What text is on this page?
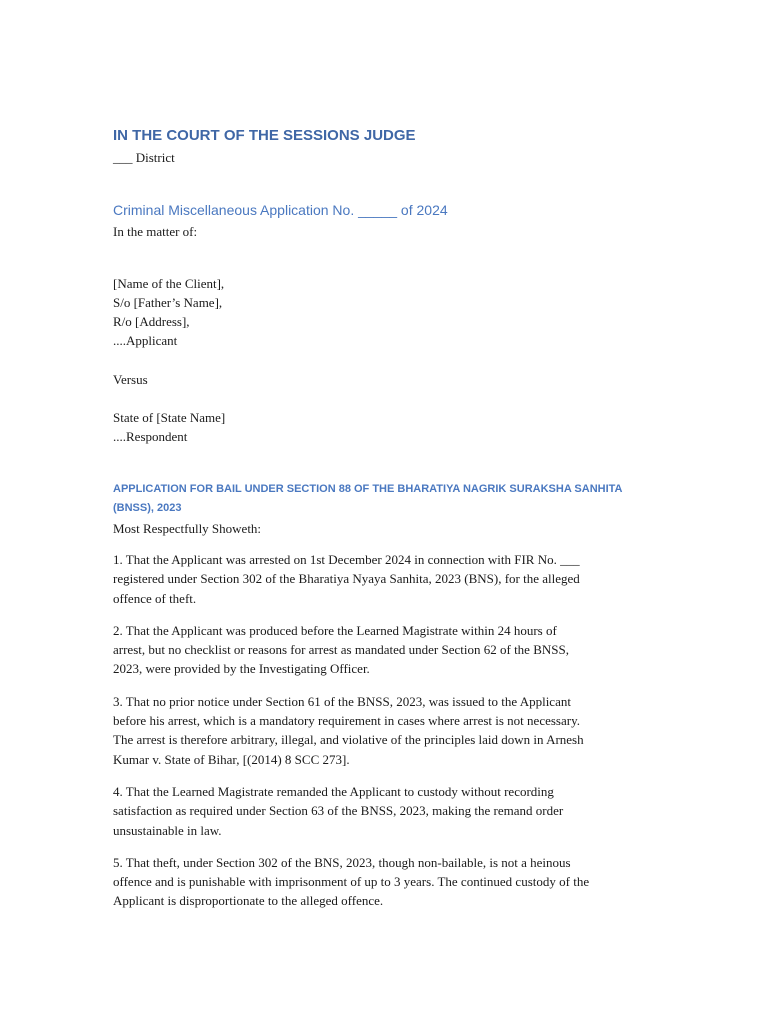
IN THE COURT OF THE SESSIONS JUDGE
___ District
Criminal Miscellaneous Application No. _____ of 2024
In the matter of:
[Name of the Client],
S/o [Father’s Name],
R/o [Address],
....Applicant
Versus
State of [State Name]
....Respondent
APPLICATION FOR BAIL UNDER SECTION 88 OF THE BHARATIYA NAGRIK SURAKSHA SANHITA
(BNSS), 2023
Most Respectfully Showeth:
1. That the Applicant was arrested on 1st December 2024 in connection with FIR No. ___
registered under Section 302 of the Bharatiya Nyaya Sanhita, 2023 (BNS), for the alleged
offence of theft.
2. That the Applicant was produced before the Learned Magistrate within 24 hours of
arrest, but no checklist or reasons for arrest as mandated under Section 62 of the BNSS,
2023, were provided by the Investigating Officer.
3. That no prior notice under Section 61 of the BNSS, 2023, was issued to the Applicant
before his arrest, which is a mandatory requirement in cases where arrest is not necessary.
The arrest is therefore arbitrary, illegal, and violative of the principles laid down in Arnesh
Kumar v. State of Bihar, [(2014) 8 SCC 273].
4. That the Learned Magistrate remanded the Applicant to custody without recording
satisfaction as required under Section 63 of the BNSS, 2023, making the remand order
unsustainable in law.
5. That theft, under Section 302 of the BNS, 2023, though non-bailable, is not a heinous
offence and is punishable with imprisonment of up to 3 years. The continued custody of the
Applicant is disproportionate to the alleged offence.
